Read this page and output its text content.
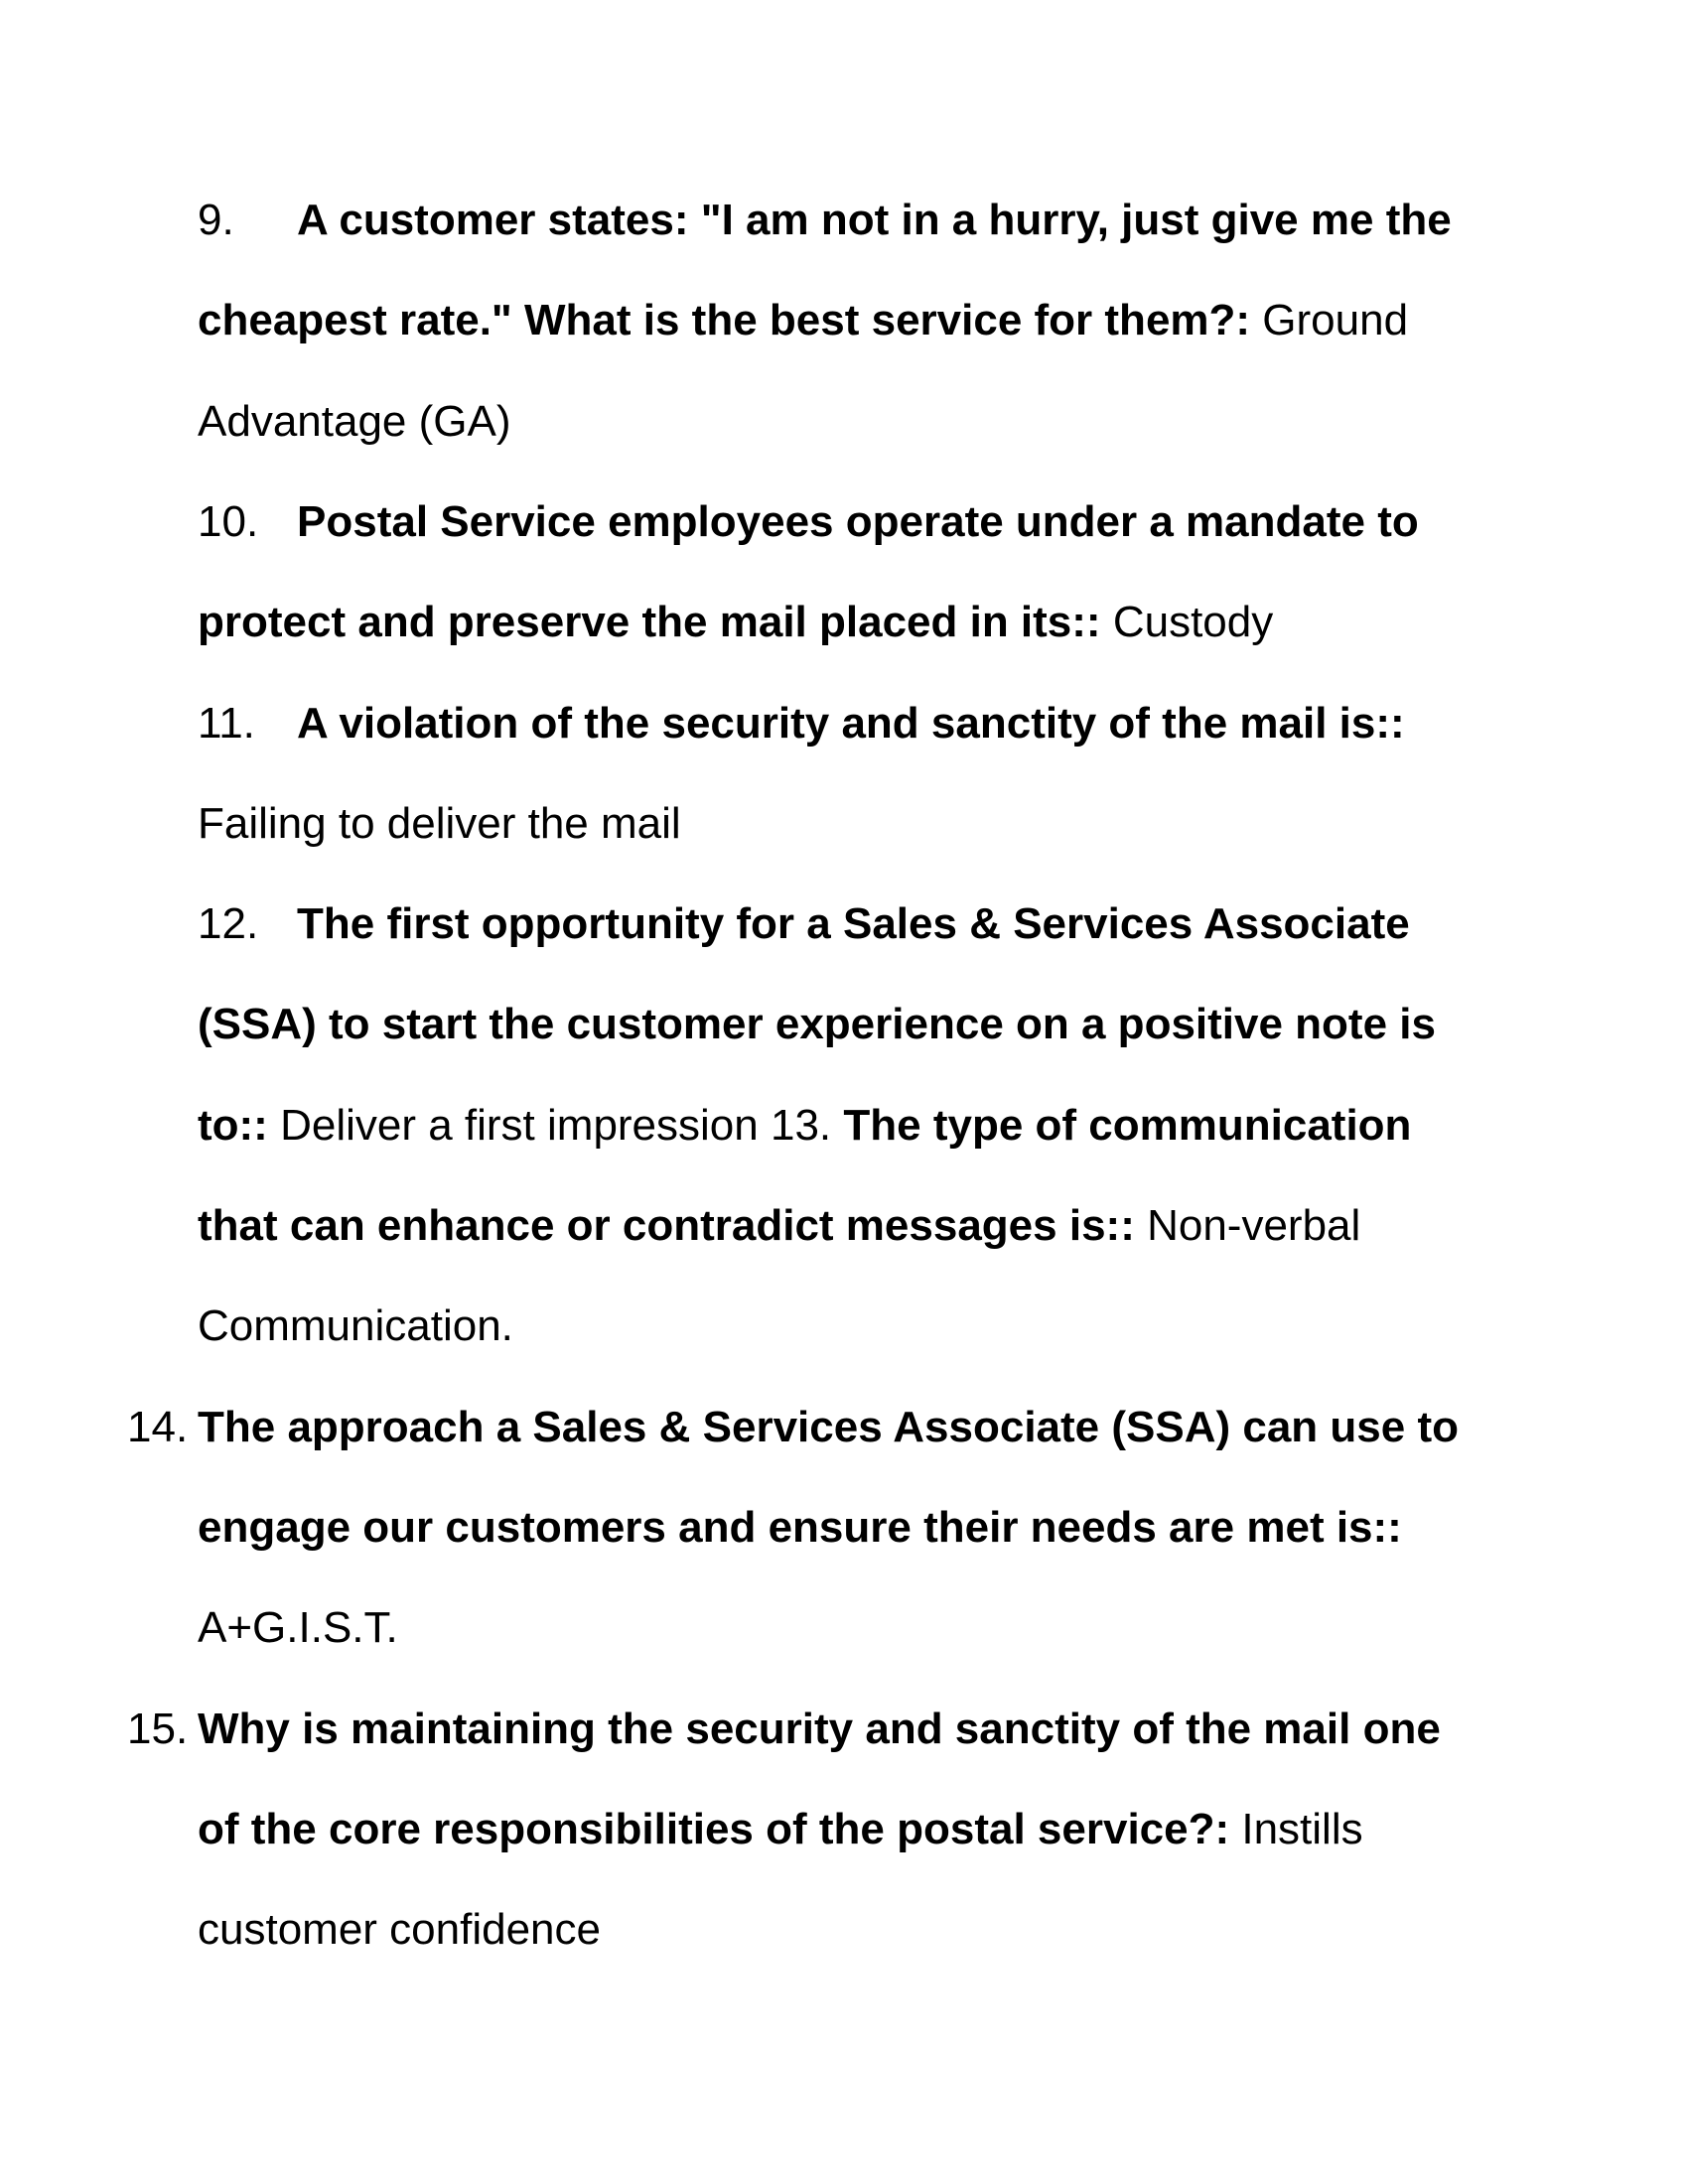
9. A customer states: "I am not in a hurry, just give me the
cheapest rate." What is the best service for them?: Ground
Advantage (GA)
10. Postal Service employees operate under a mandate to
protect and preserve the mail placed in its:: Custody
11. A violation of the security and sanctity of the mail is::
Failing to deliver the mail
12. The first opportunity for a Sales & Services Associate
(SSA) to start the customer experience on a positive note is
to:: Deliver a first impression 13. The type of communication
that can enhance or contradict messages is:: Non-verbal
Communication.
14. The approach a Sales & Services Associate (SSA) can use to
engage our customers and ensure their needs are met is::
A+G.I.S.T.
15. Why is maintaining the security and sanctity of the mail one
of the core responsibilities of the postal service?: Instills
customer confidence
